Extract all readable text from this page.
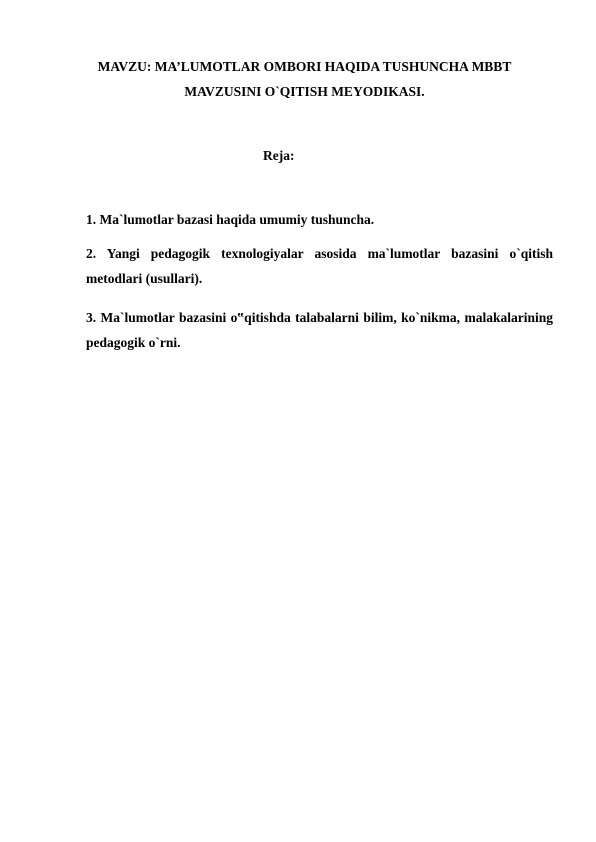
MAVZU: MA’LUMOTLAR OMBORI HAQIDA TUSHUNCHA MBBT MAVZUSINI O`QITISH MEYODIKASI.
Reja:
1. Ma`lumotlar bazasi haqida umumiy tushuncha.
2. Yangi pedagogik texnologiyalar asosida ma`lumotlar bazasini o`qitish metodlari (usullari).
3. Ma`lumotlar bazasini o‟qitishda talabalarni bilim, ko`nikma, malakalarining pedagogik o`rni.
